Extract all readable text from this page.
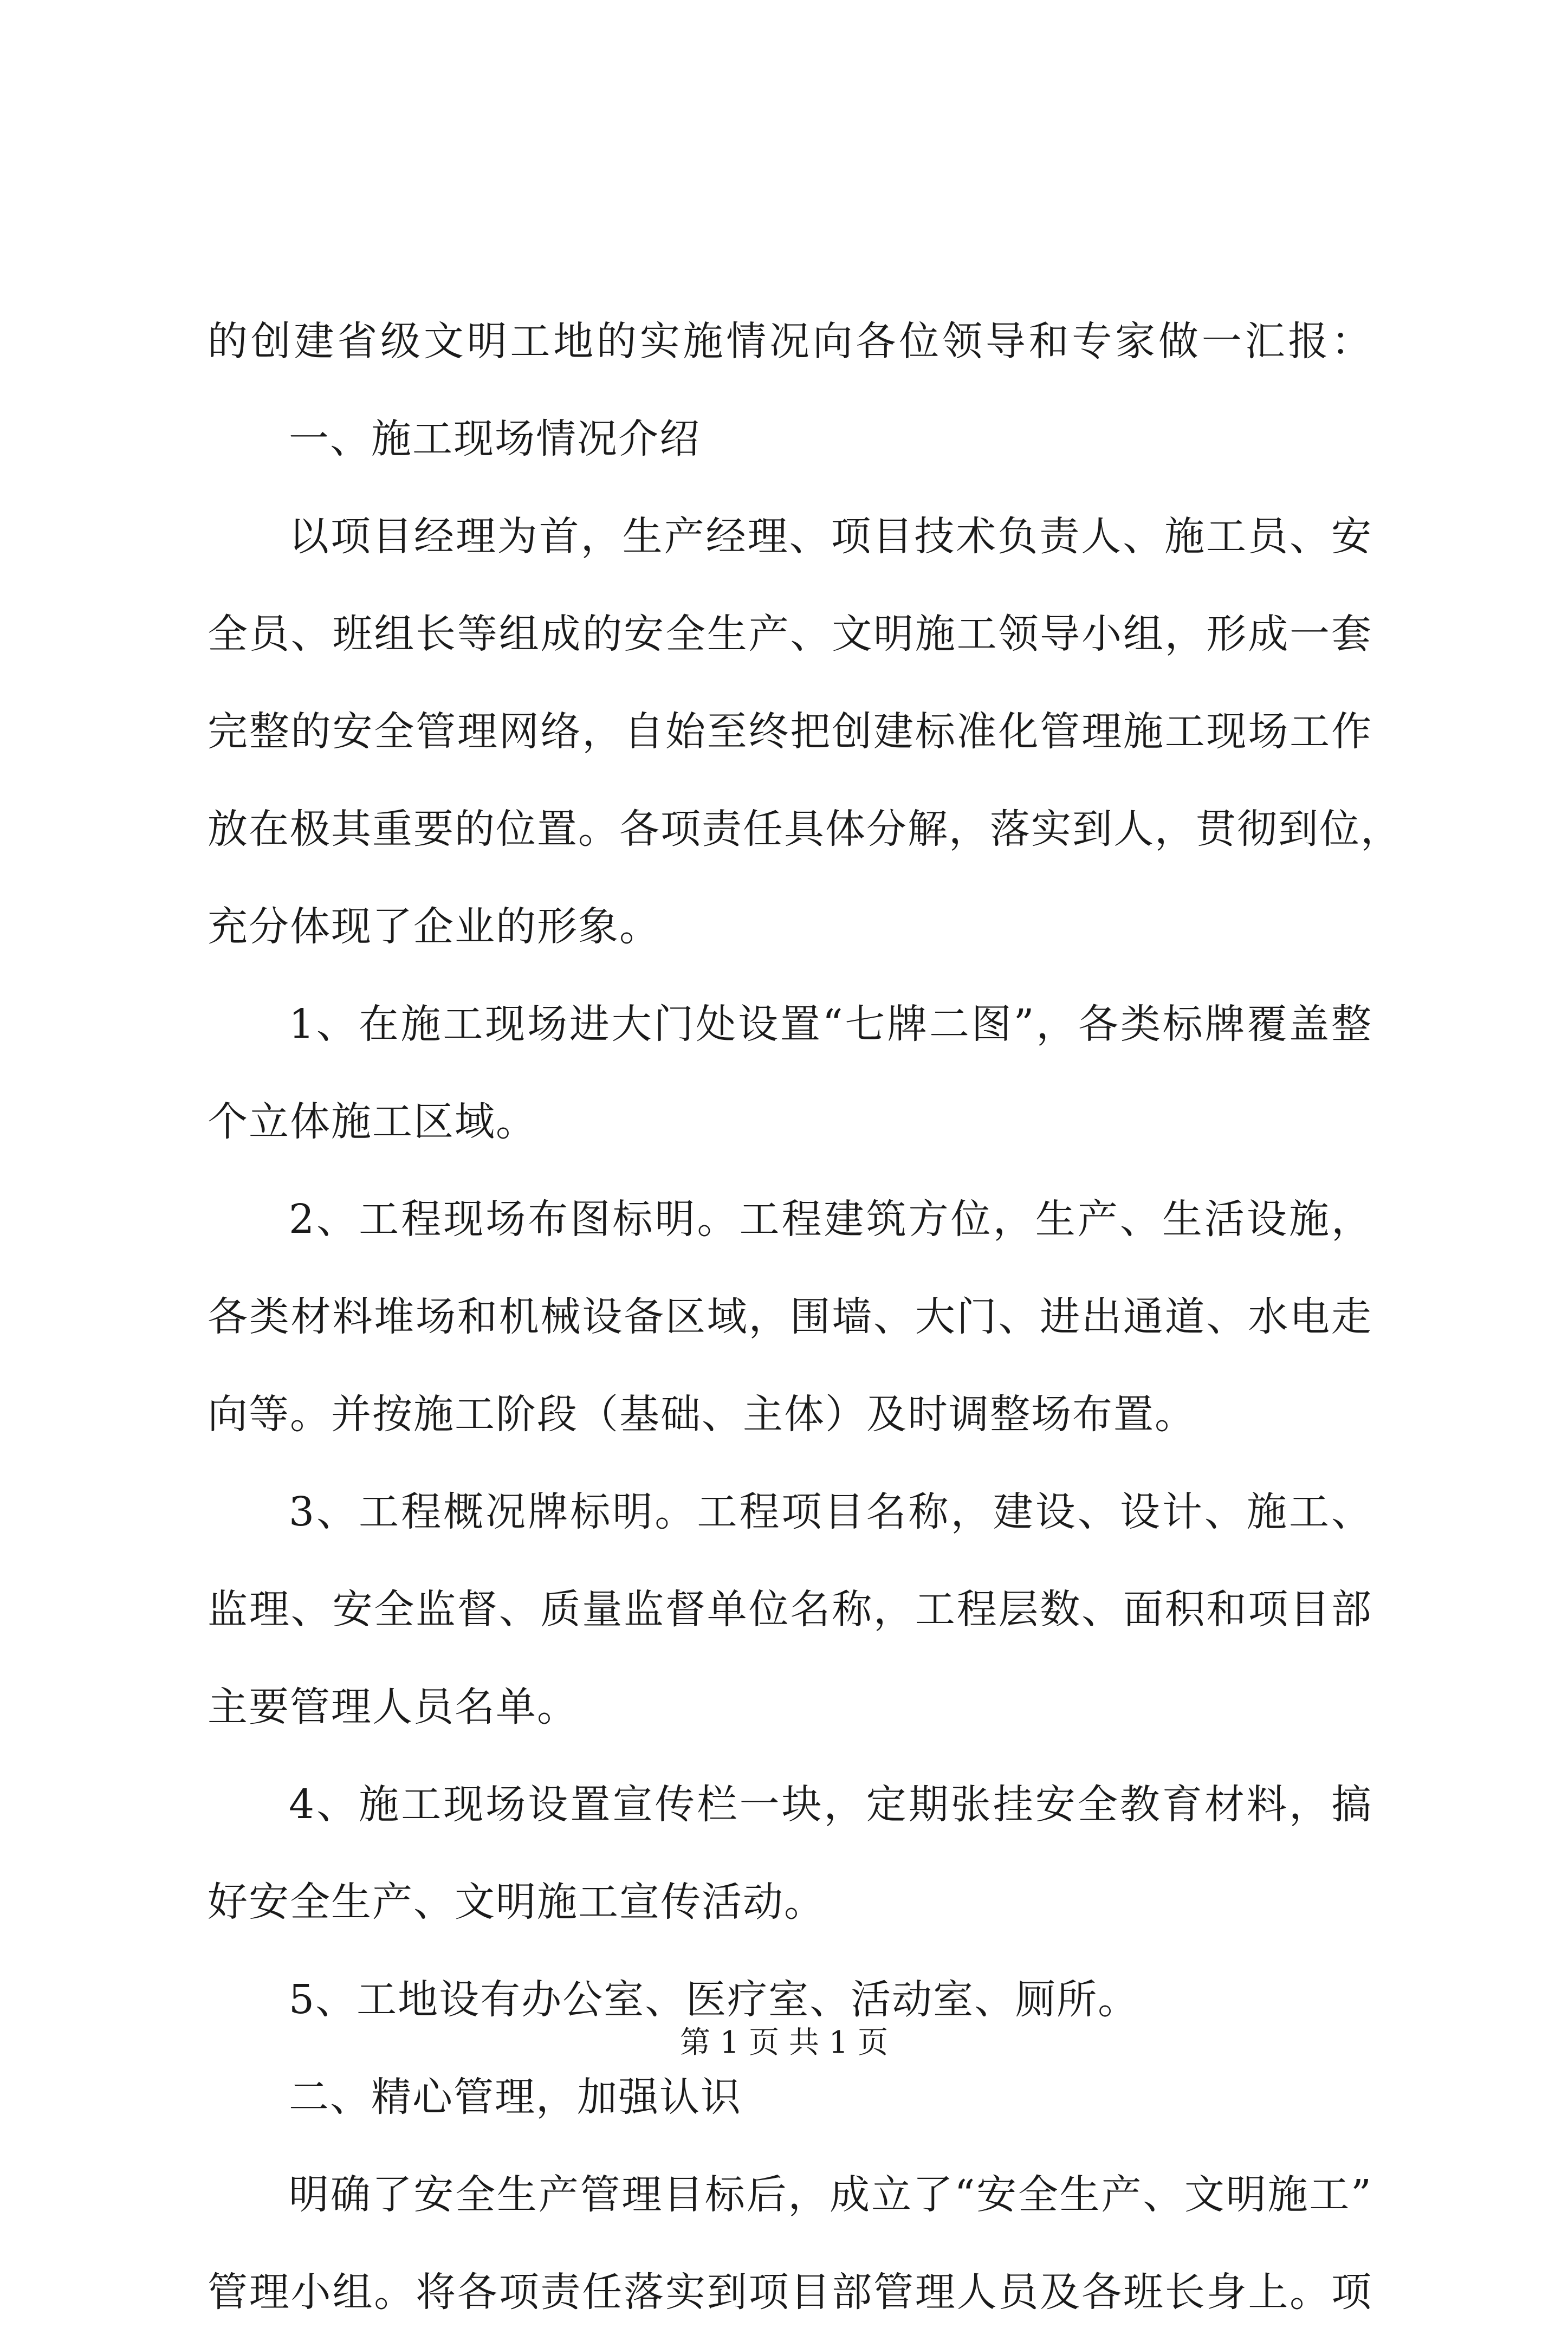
的创建省级文明工地的实施情况向各位领导和专家做一汇报：
一、施工现场情况介绍
以项目经理为首，生产经理、项目技术负责人、施工员、安
全员、班组长等组成的安全生产、文明施工领导小组，形成一套
完整的安全管理网络，自始至终把创建标准化管理施工现场工作
放在极其重要的位置。各项责任具体分解，落实到人，贯彻到位，
充分体现了企业的形象。
1、在施工现场进大门处设置“七牌二图”，各类标牌覆盖整
个立体施工区域。
2、工程现场布图标明。工程建筑方位，生产、生活设施，
各类材料堆场和机械设备区域，围墙、大门、进出通道、水电走
向等。并按施工阶段（基础、主体）及时调整场布置。
3、工程概况牌标明。工程项目名称，建设、设计、施工、
监理、安全监督、质量监督单位名称，工程层数、面积和项目部
主要管理人员名单。
4、施工现场设置宣传栏一块，定期张挂安全教育材料，搞
好安全生产、文明施工宣传活动。
5、工地设有办公室、医疗室、活动室、厕所。
二、精心管理，加强认识
明确了安全生产管理目标后，成立了“安全生产、文明施工”
管理小组。将各项责任落实到项目部管理人员及各班长身上。项
第 1 页 共 1 页
